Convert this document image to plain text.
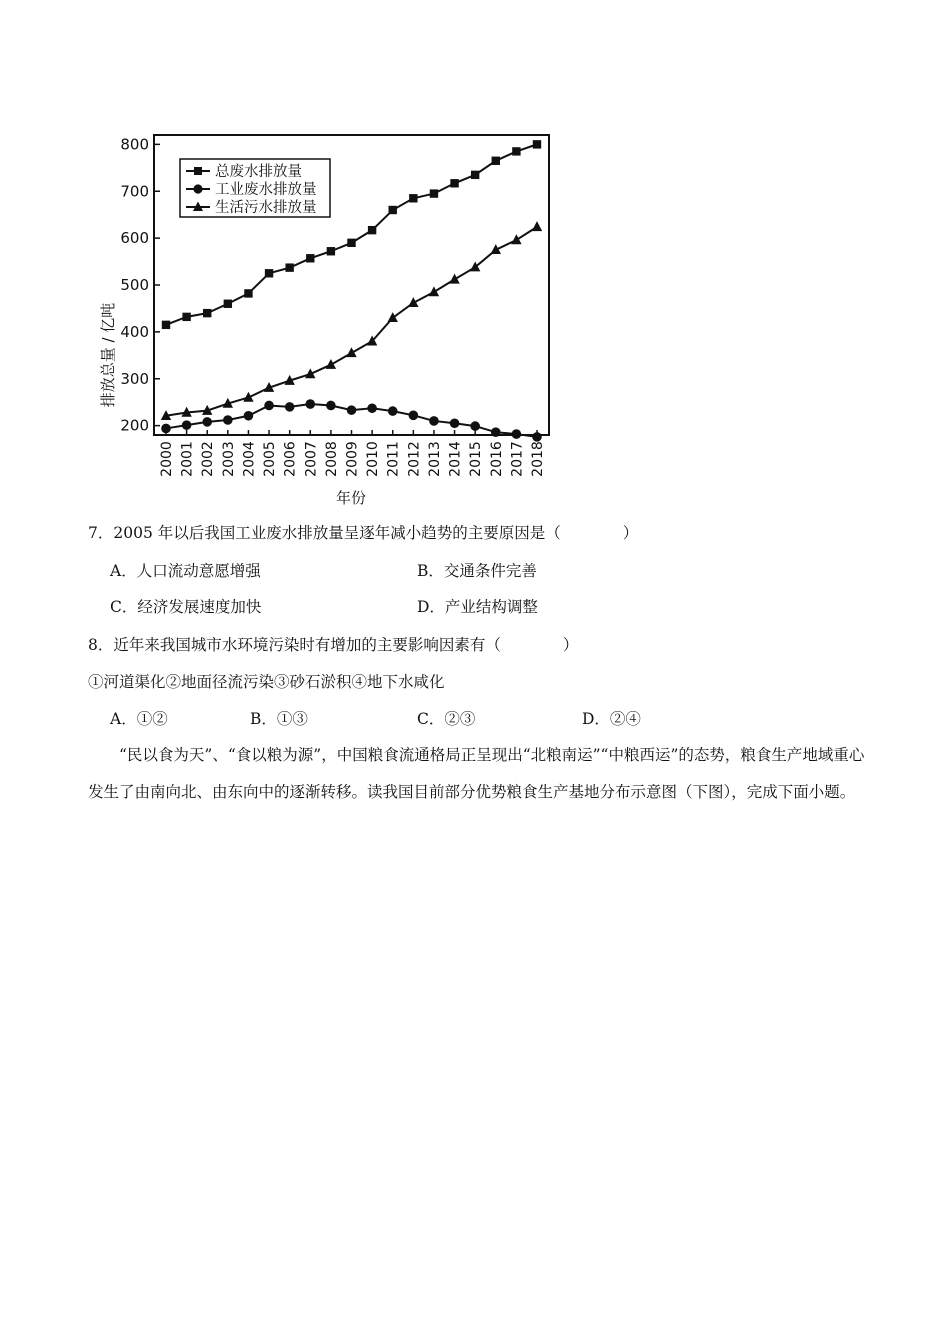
200
300
400
500
600
700
800
2000 2001 2002 2003 2004 2005 2006 2007 2008 2009 2010 2011 2012 2013 2014 2015 2016 2017 2018
总废水排放量
工业废水排放量
生活污水排放量
排放总量 / 亿吨
年份
7．2005 年以后我国工业废水排放量呈逐年减小趋势的主要原因是（　　　　）
A．人口流动意愿增强	B．交通条件完善
C．经济发展速度加快	D．产业结构调整
8．近年来我国城市水环境污染时有增加的主要影响因素有（　　　　）
①河道渠化②地面径流污染③砂石淤积④地下水咸化
A．①②	B．①③	C．②③	D．②④
“民以食为天”、“食以粮为源”，中国粮食流通格局正呈现出“北粮南运”“中粮西运”的态势，粮食生产地域重心发生了由南向北、由东向中的逐渐转移。读我国目前部分优势粮食生产基地分布示意图（下图），完成下面小题。
